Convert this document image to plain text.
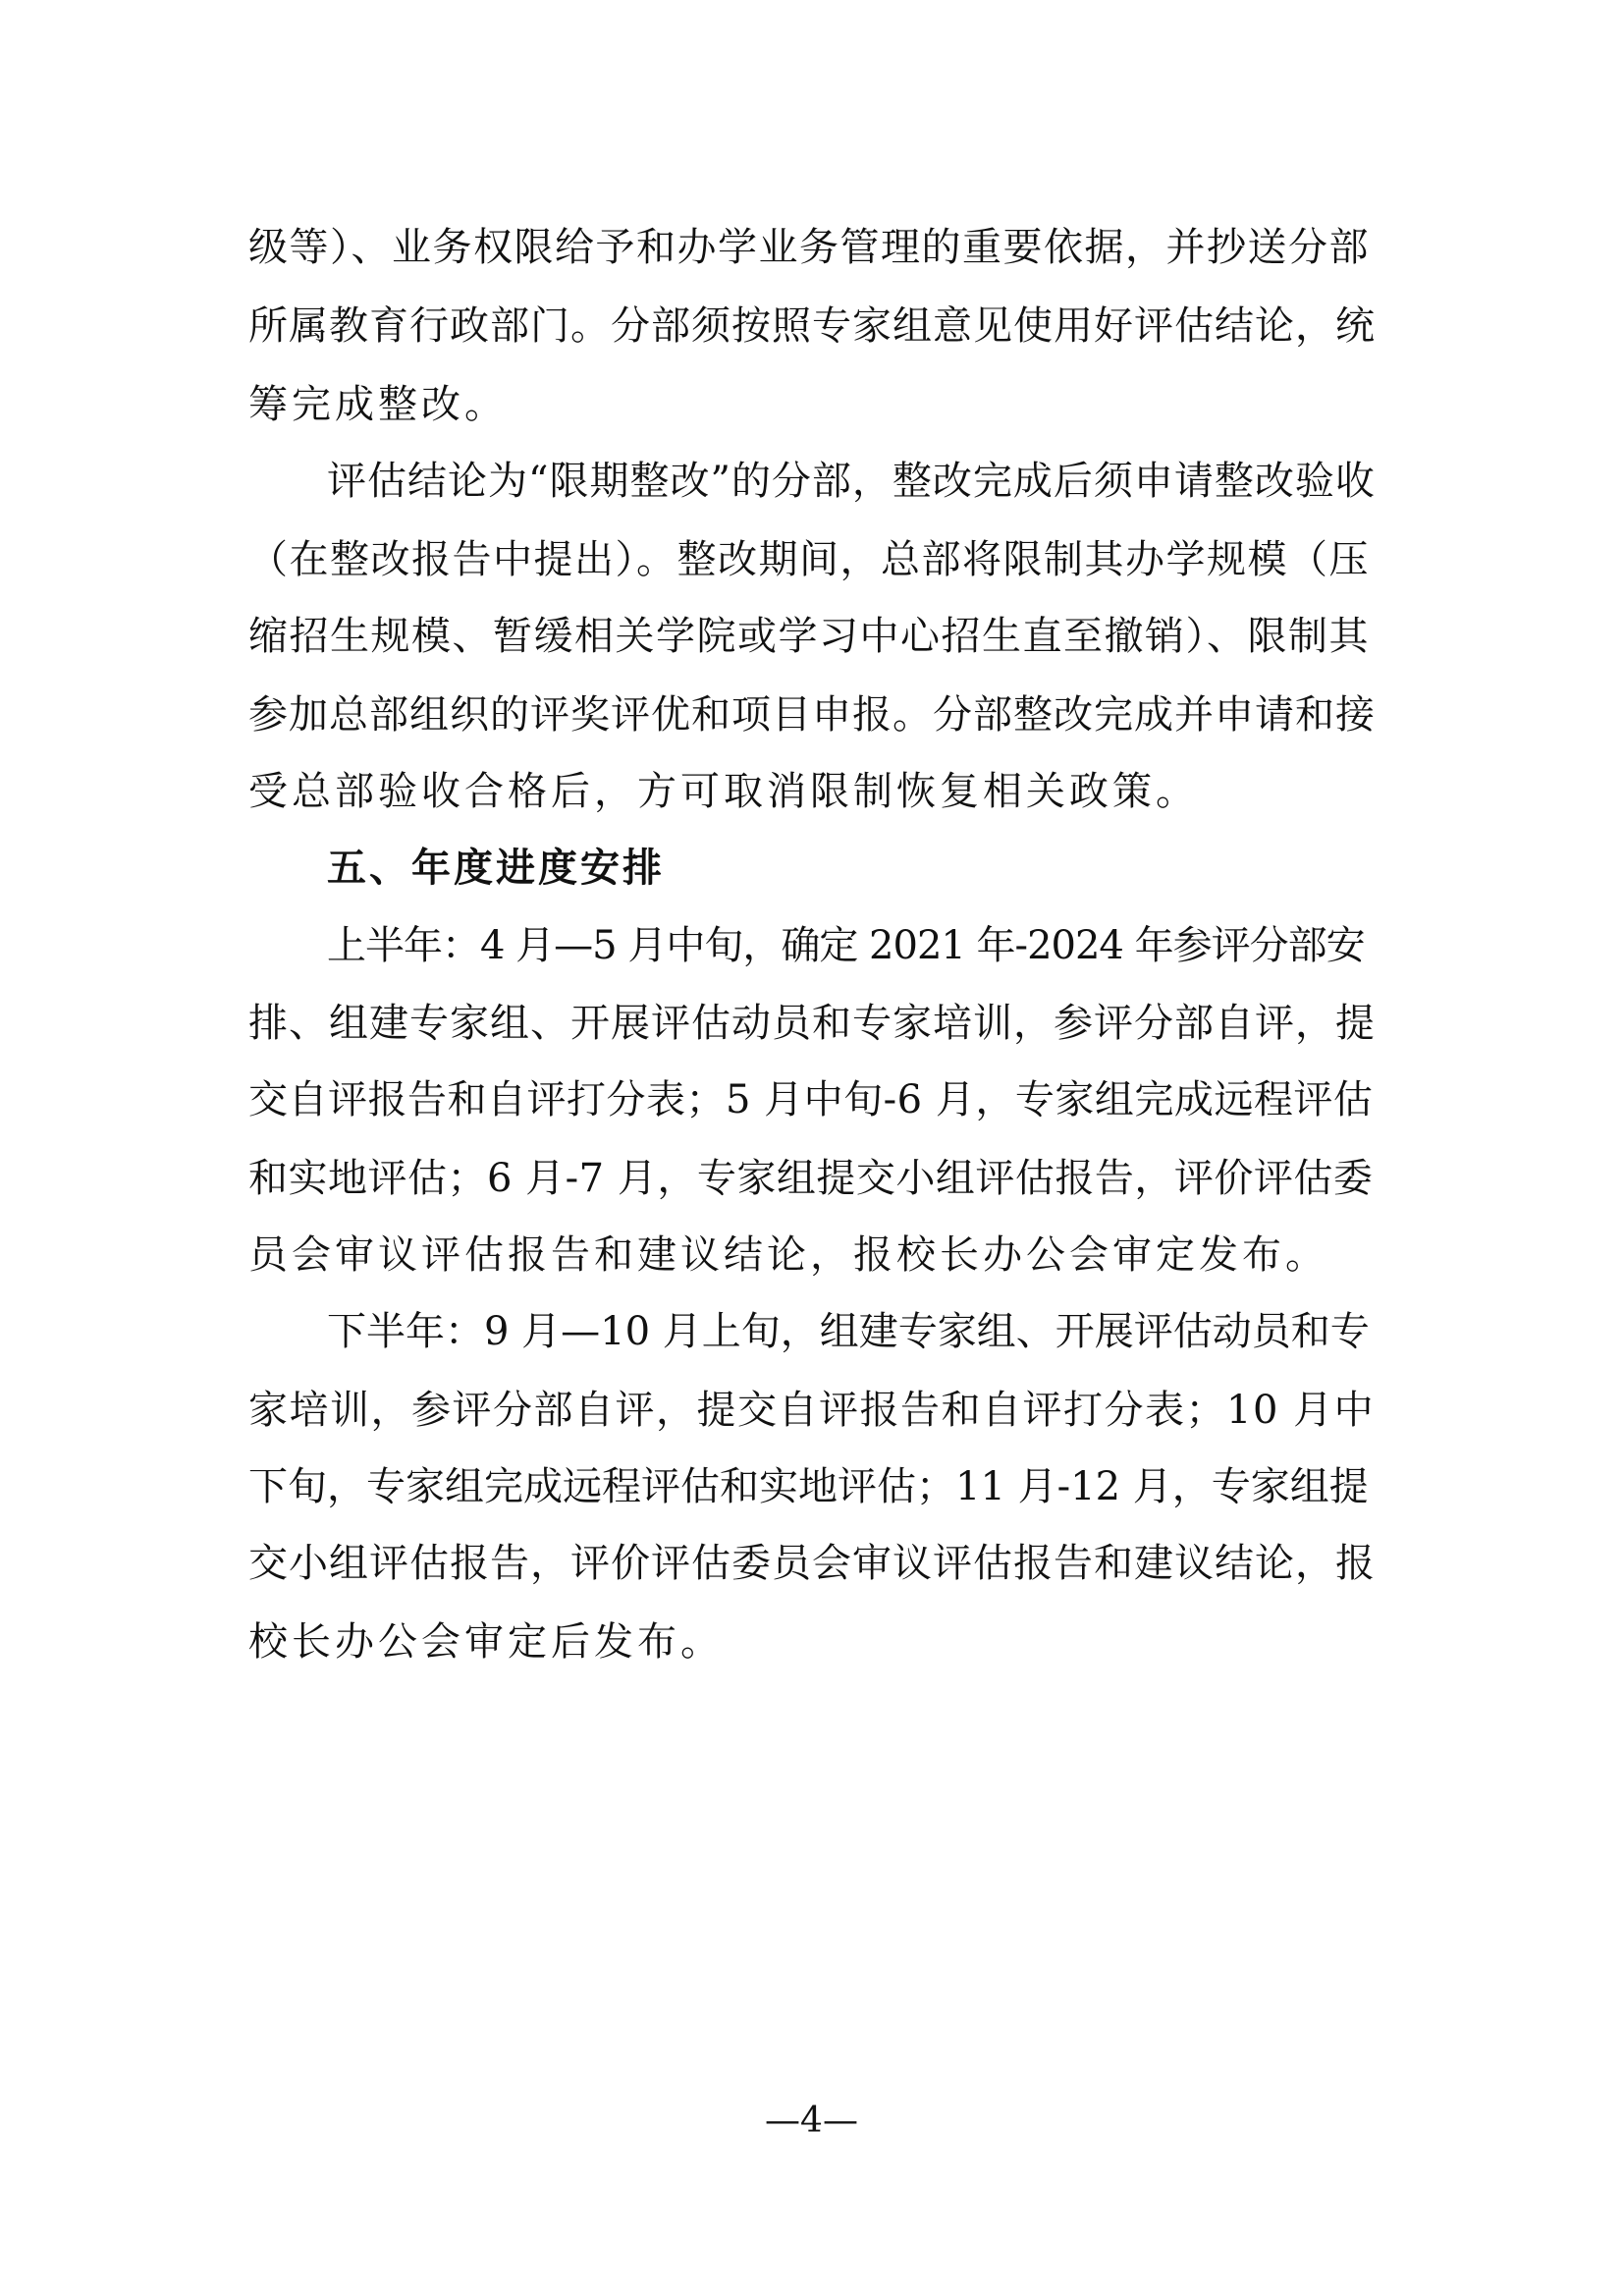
级等）、业务权限给予和办学业务管理的重要依据，并抄送分部
所属教育行政部门。分部须按照专家组意见使用好评估结论，统
筹完成整改。
评估结论为“限期整改”的分部，整改完成后须申请整改验收
（在整改报告中提出）。整改期间，总部将限制其办学规模（压
缩招生规模、暂缓相关学院或学习中心招生直至撤销）、限制其
参加总部组织的评奖评优和项目申报。分部整改完成并申请和接
受总部验收合格后，方可取消限制恢复相关政策。
五、年度进度安排
上半年：4 月—5 月中旬，确定 2021 年-2024 年参评分部安
排、组建专家组、开展评估动员和专家培训，参评分部自评，提
交自评报告和自评打分表；5 月中旬-6 月，专家组完成远程评估
和实地评估；6 月-7 月，专家组提交小组评估报告，评价评估委
员会审议评估报告和建议结论，报校长办公会审定发布。
下半年：9 月—10 月上旬，组建专家组、开展评估动员和专
家培训，参评分部自评，提交自评报告和自评打分表；10 月中
下旬，专家组完成远程评估和实地评估；11 月-12 月，专家组提
交小组评估报告，评价评估委员会审议评估报告和建议结论，报
校长办公会审定后发布。
—4—
